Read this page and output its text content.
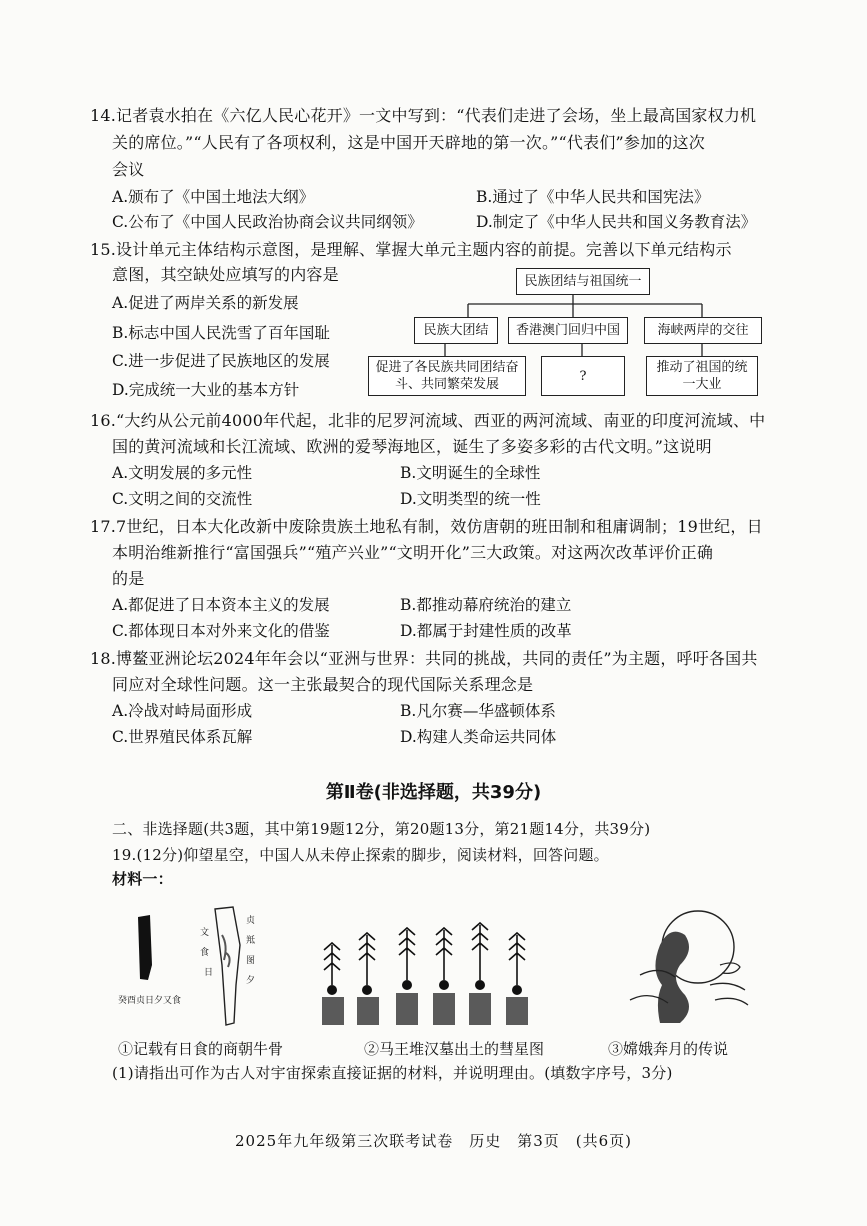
14.记者袁水拍在《六亿人民心花开》一文中写到：“代表们走进了会场，坐上最高国家权力机
关的席位。”“人民有了各项权利，这是中国开天辟地的第一次。”“代表们”参加的这次
会议
A.颁布了《中国土地法大纲》	B.通过了《中华人民共和国宪法》
C.公布了《中国人民政治协商会议共同纲领》	D.制定了《中华人民共和国义务教育法》
15.设计单元主体结构示意图，是理解、掌握大单元主题内容的前提。完善以下单元结构示
意图，其空缺处应填写的内容是
A.促进了两岸关系的新发展
B.标志中国人民洗雪了百年国耻
C.进一步促进了民族地区的发展
D.完成统一大业的基本方针
民族团结与祖国统一
民族大团结	香港澳门回归中国	海峡两岸的交往
促进了各民族共同团结奋斗、共同繁荣发展
?
推动了祖国的统一大业
16.“大约从公元前4000年代起，北非的尼罗河流域、西亚的两河流域、南亚的印度河流域、中
国的黄河流域和长江流域、欧洲的爱琴海地区，诞生了多姿多彩的古代文明。”这说明
A.文明发展的多元性	B.文明诞生的全球性
C.文明之间的交流性	D.文明类型的统一性
17.7世纪，日本大化改新中废除贵族土地私有制，效仿唐朝的班田制和租庸调制；19世纪，日
本明治维新推行“富国强兵”“殖产兴业”“文明开化”三大政策。对这两次改革评价正确
的是
A.都促进了日本资本主义的发展	B.都推动幕府统治的建立
C.都体现日本对外来文化的借鉴	D.都属于封建性质的改革
18.博鳌亚洲论坛2024年年会以“亚洲与世界：共同的挑战，共同的责任”为主题，呼吁各国共
同应对全球性问题。这一主张最契合的现代国际关系理念是
A.冷战对峙局面形成	B.凡尔赛—华盛顿体系
C.世界殖民体系瓦解	D.构建人类命运共同体
第Ⅱ卷(非选择题，共39分)
二、非选择题(共3题，其中第19题12分，第20题13分，第21题14分，共39分)
19.(12分)仰望星空，中国人从未停止探索的脚步，阅读材料，回答问题。
材料一：
文
食
日
贞
羝
图
夕
癸酉贞日夕又食
①记载有日食的商朝牛骨	②马王堆汉墓出土的彗星图	③嫦娥奔月的传说
(1)请指出可作为古人对宇宙探索直接证据的材料，并说明理由。(填数字序号，3分)
2025年九年级第三次联考试卷　历史　第3页　(共6页)
